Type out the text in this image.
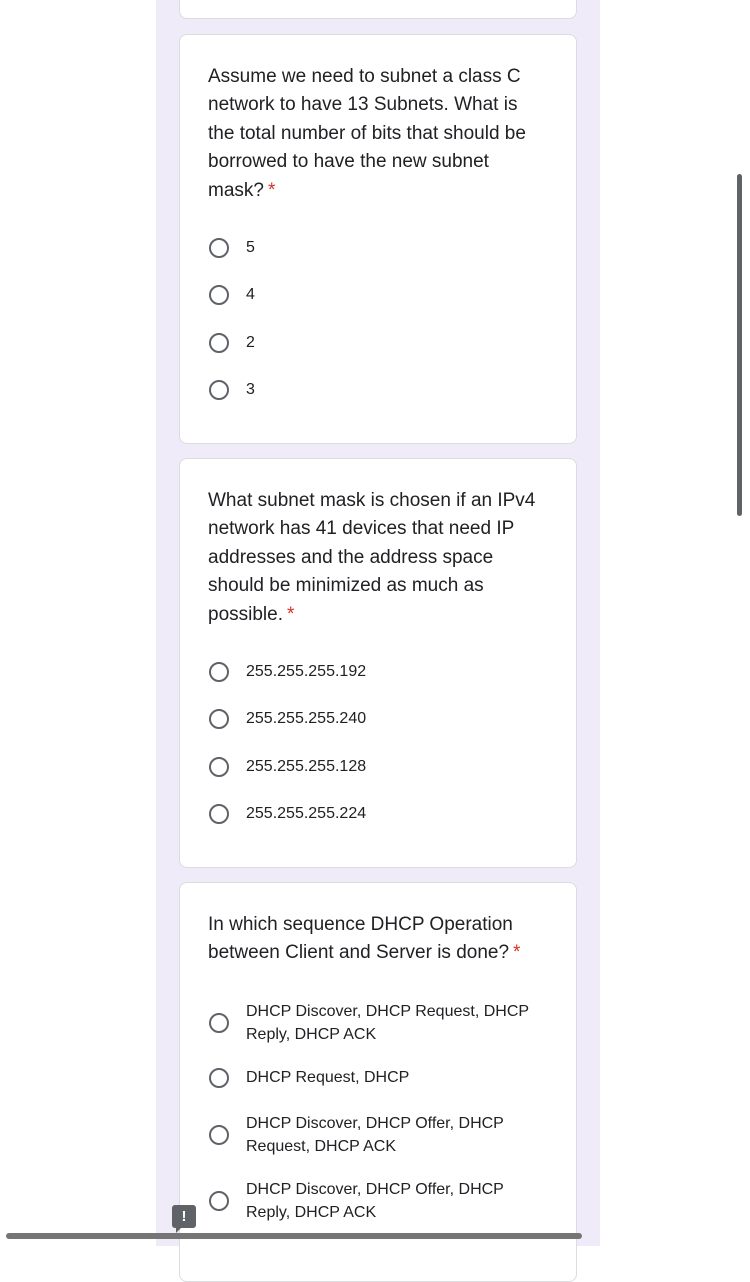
Assume we need to subnet a class C network to have 13 Subnets. What is the total number of bits that should be borrowed to have the new subnet mask? *
5
4
2
3
What subnet mask is chosen if an IPv4 network has 41 devices that need IP addresses and the address space should be minimized as much as possible. *
255.255.255.192
255.255.255.240
255.255.255.128
255.255.255.224
In which sequence DHCP Operation between Client and Server is done? *
DHCP Discover, DHCP Request, DHCP Reply, DHCP ACK
DHCP Request, DHCP
DHCP Discover, DHCP Offer, DHCP Request, DHCP ACK
DHCP Discover, DHCP Offer, DHCP Reply, DHCP ACK
!
